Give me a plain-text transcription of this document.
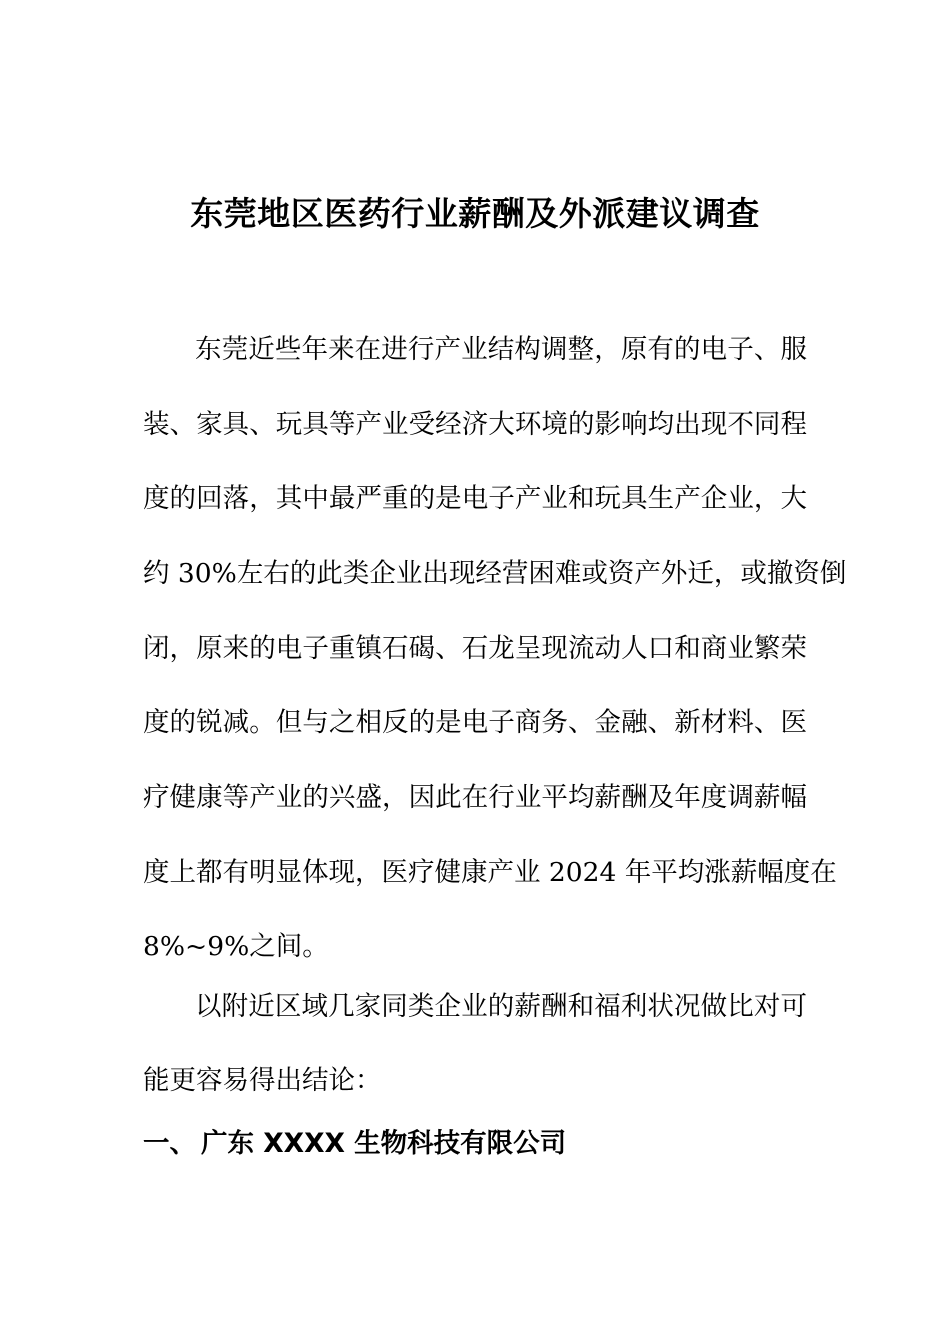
东莞地区医药行业薪酬及外派建议调查
东莞近些年来在进行产业结构调整，原有的电子、服
装、家具、玩具等产业受经济大环境的影响均出现不同程
度的回落，其中最严重的是电子产业和玩具生产企业，大
约 30%左右的此类企业出现经营困难或资产外迁，或撤资倒
闭，原来的电子重镇石碣、石龙呈现流动人口和商业繁荣
度的锐减。但与之相反的是电子商务、金融、新材料、医
疗健康等产业的兴盛，因此在行业平均薪酬及年度调薪幅
度上都有明显体现，医疗健康产业 2024 年平均涨薪幅度在
8%~9%之间。
以附近区域几家同类企业的薪酬和福利状况做比对可
能更容易得出结论：
一、 广东 XXXX 生物科技有限公司
